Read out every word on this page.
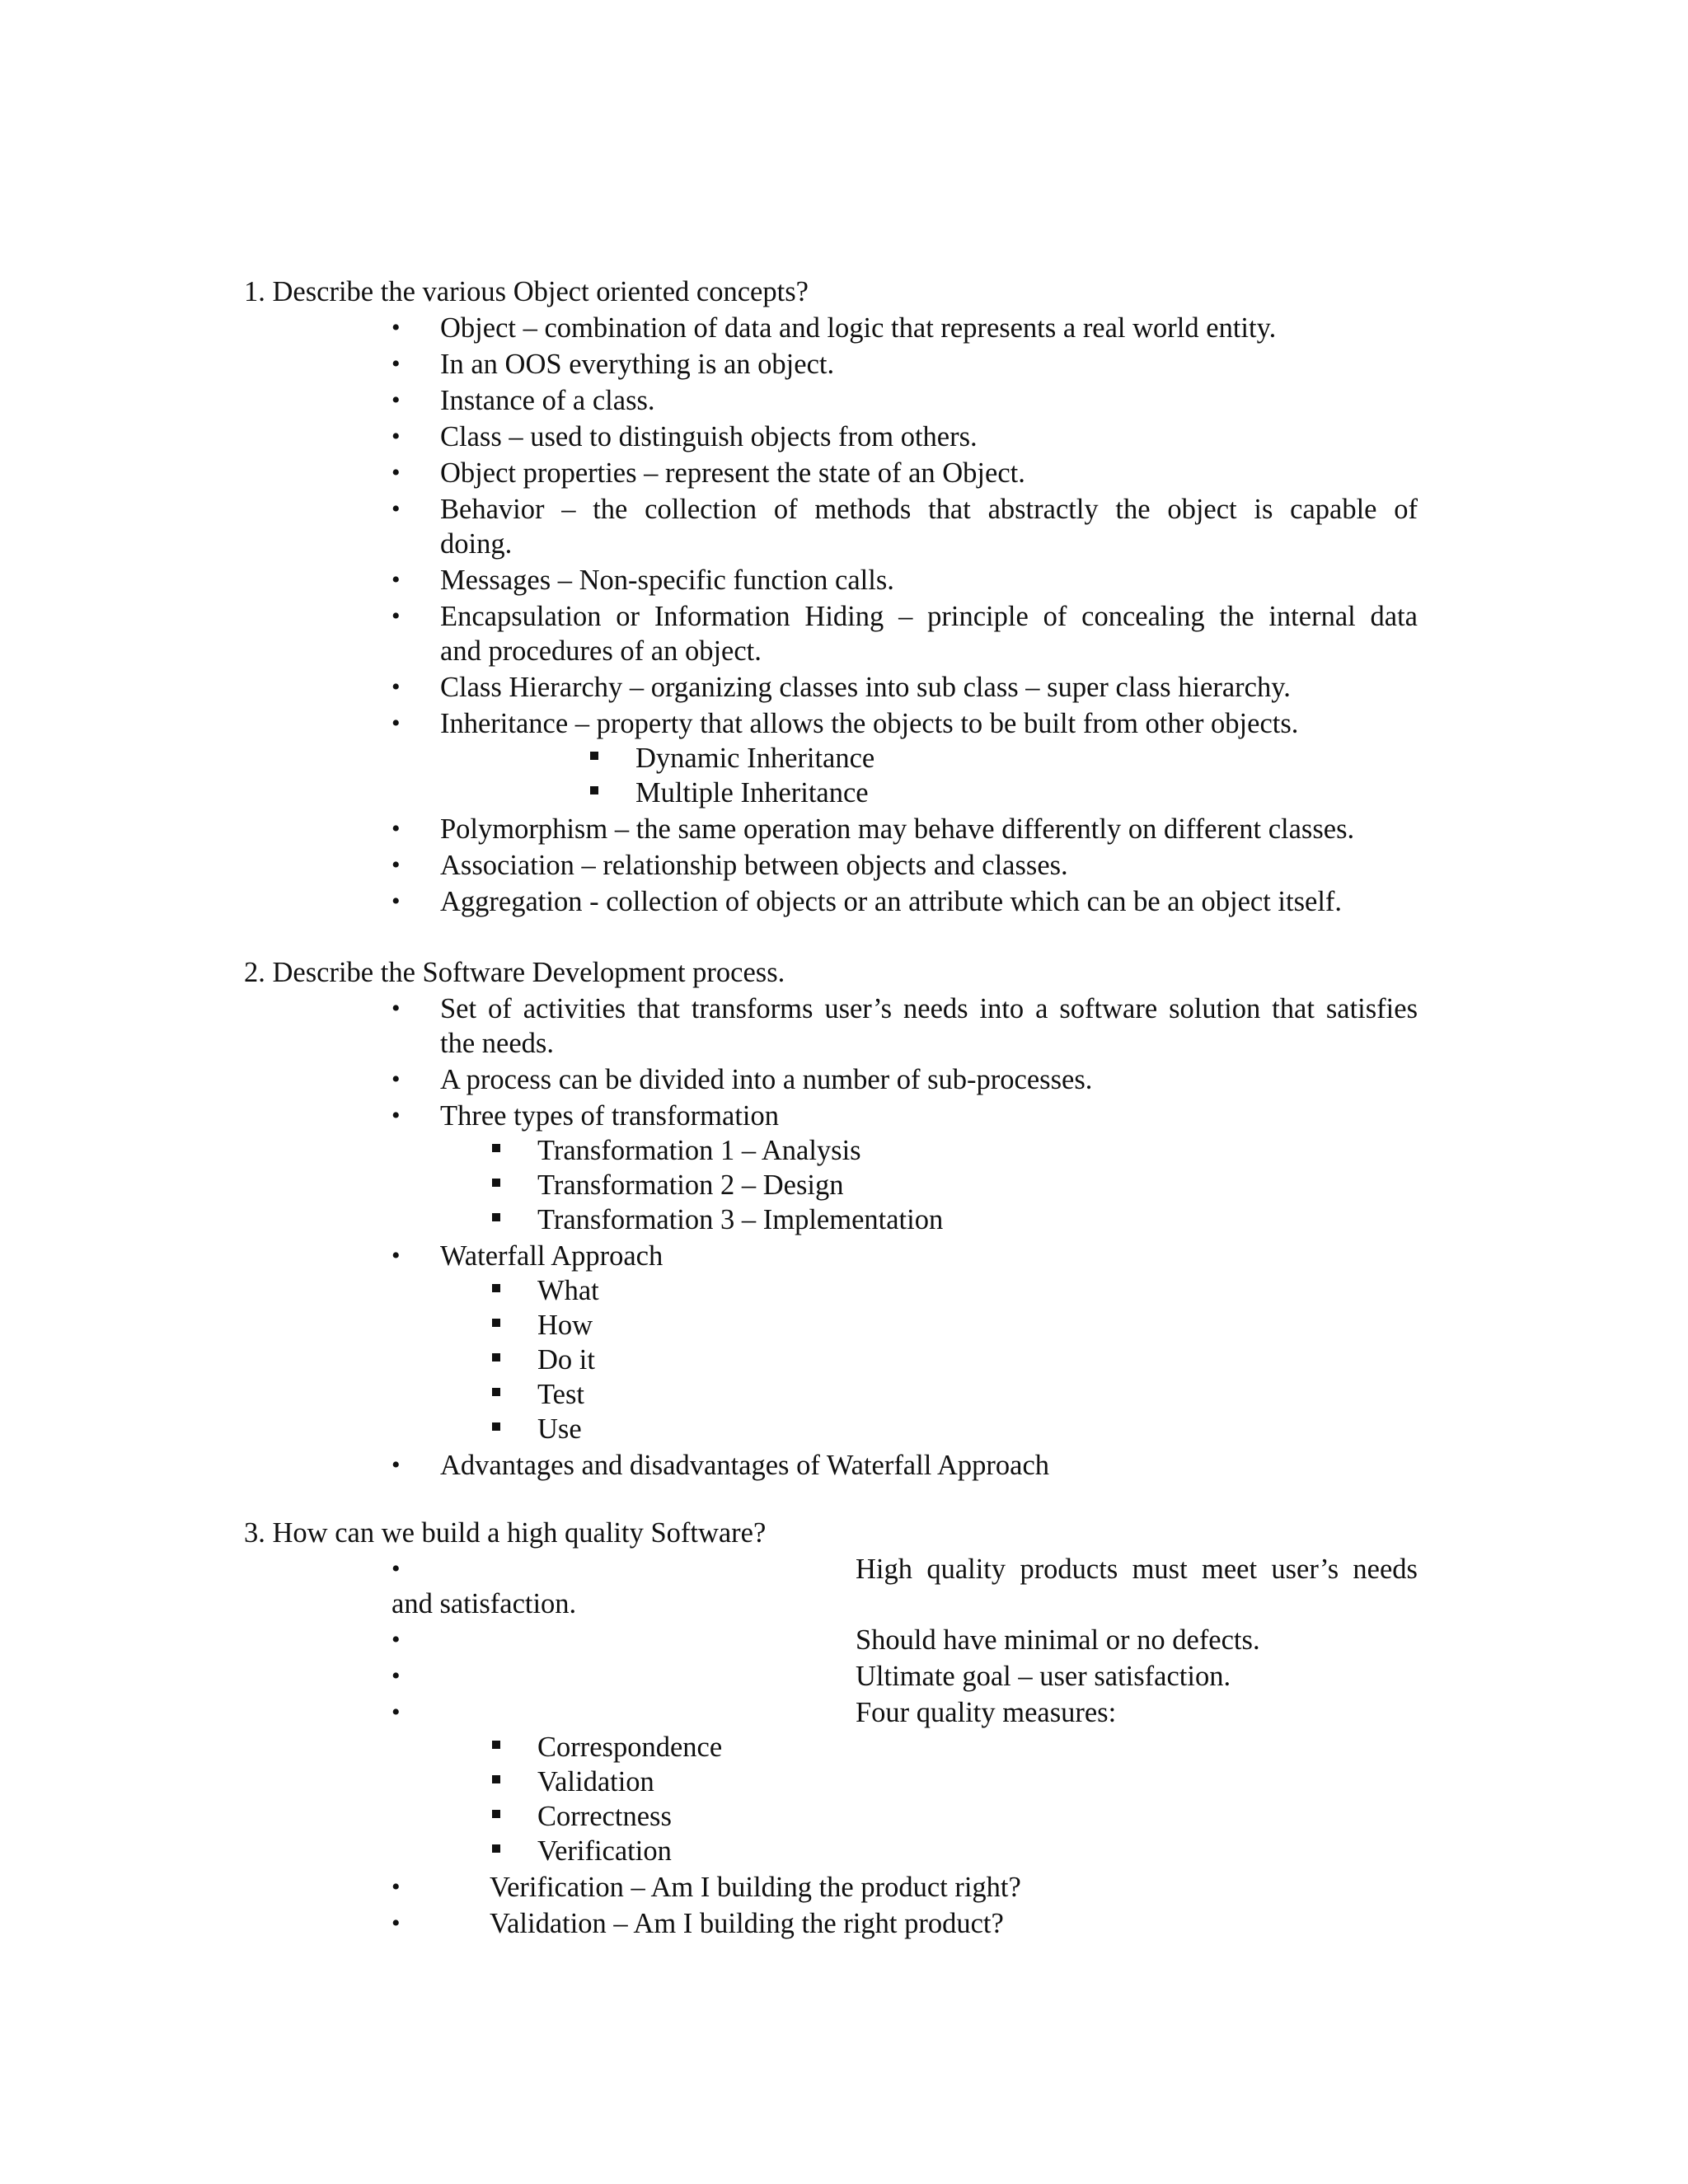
1. Describe the various Object oriented concepts?
• Object – combination of data and logic that represents a real world entity.
• In an OOS everything is an object.
• Instance of a class.
• Class – used to distinguish objects from others.
• Object properties – represent the state of an Object.
• Behavior – the collection of methods that abstractly the object is capable of
doing.
• Messages – Non-specific function calls.
• Encapsulation or Information Hiding – principle of concealing the internal data
and procedures of an object.
• Class Hierarchy – organizing classes into sub class – super class hierarchy.
• Inheritance – property that allows the objects to be built from other objects.
Dynamic Inheritance
Multiple Inheritance
• Polymorphism – the same operation may behave differently on different classes.
• Association – relationship between objects and classes.
• Aggregation - collection of objects or an attribute which can be an object itself.
2. Describe the Software Development process.
• Set of activities that transforms user’s needs into a software solution that satisfies
the needs.
• A process can be divided into a number of sub-processes.
• Three types of transformation
Transformation 1 – Analysis
Transformation 2 – Design
Transformation 3 – Implementation
• Waterfall Approach
What
How
Do it
Test
Use
• Advantages and disadvantages of Waterfall Approach
3. How can we build a high quality Software?
•	High quality products must meet user’s needs
and satisfaction.
•	Should have minimal or no defects.
•	Ultimate goal – user satisfaction.
•	Four quality measures:
Correspondence
Validation
Correctness
Verification
•	Verification – Am I building the product right?
•	Validation – Am I building the right product?
